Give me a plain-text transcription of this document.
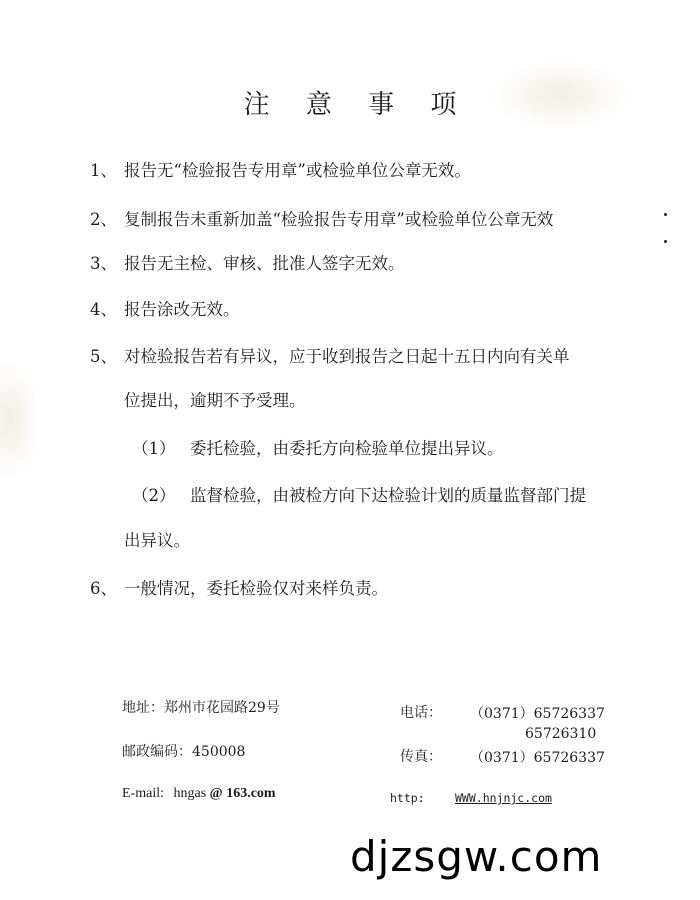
注 意 事 项
1、 报告无“检验报告专用章”或检验单位公章无效。
2、 复制报告未重新加盖“检验报告专用章”或检验单位公章无效
3、 报告无主检、审核、批准人签字无效。
4、 报告涂改无效。
5、 对检验报告若有异议，应于收到报告之日起十五日内向有关单
位提出，逾期不予受理。
（1） 委托检验，由委托方向检验单位提出异议。
（2） 监督检验，由被检方向下达检验计划的质量监督部门提
出异议。
6、 一般情况，委托检验仅对来样负责。
地址：郑州市花园路29号	电话： （0371）65726337
65726310
邮政编码：450008	传真： （0371）65726337
E-mail: hngas @ 163.com	http:	WWW.hnjnjc.com
djzsgw.com
